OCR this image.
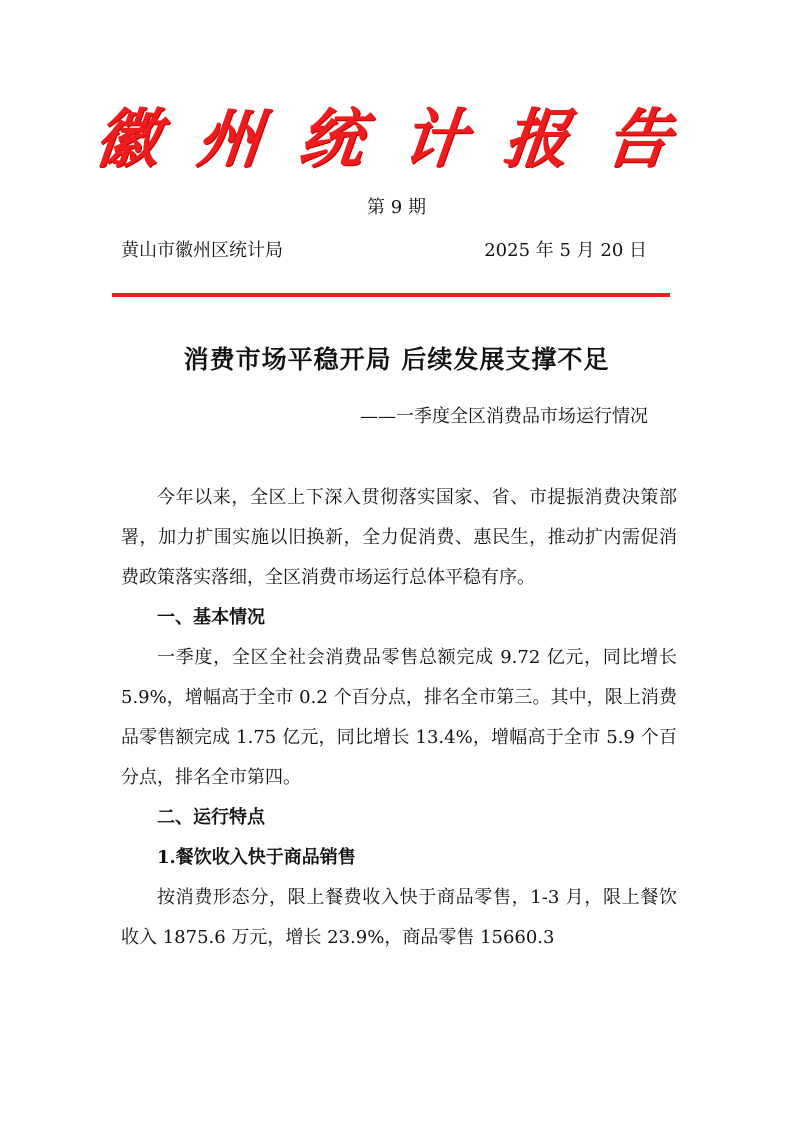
徽 州 统 计 报 告
第 9 期
黄山市徽州区统计局	2025 年 5 月 20 日
消费市场平稳开局 后续发展支撑不足
——一季度全区消费品市场运行情况

今年以来，全区上下深入贯彻落实国家、省、市提振消费决策部署，加力扩围实施以旧换新，全力促消费、惠民生，推动扩内需促消费政策落实落细，全区消费市场运行总体平稳有序。

一、基本情况

一季度，全区全社会消费品零售总额完成 9.72 亿元，同比增长 5.9%，增幅高于全市 0.2 个百分点，排名全市第三。其中，限上消费品零售额完成 1.75 亿元，同比增长 13.4%，增幅高于全市 5.9 个百分点，排名全市第四。

二、运行特点

1.餐饮收入快于商品销售

按消费形态分，限上餐费收入快于商品零售，1-3 月，限上餐饮收入 1875.6 万元，增长 23.9%，商品零售 15660.3
